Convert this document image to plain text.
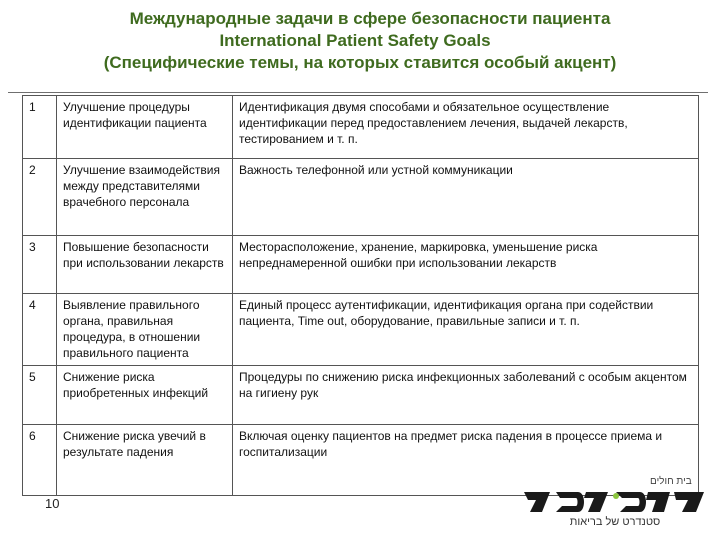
Международные задачи в сфере безопасности пациента
International Patient Safety Goals
(Специфические темы, на которых ставится особый акцент)
1	Улучшение процедуры идентификации пациента	Идентификация двумя способами и обязательное осуществление идентификации перед предоставлением лечения, выдачей лекарств, тестированием и т. п.
2	Улучшение взаимодействия между представителями врачебного персонала	Важность телефонной или устной коммуникации
3	Повышение безопасности при использовании лекарств	Месторасположение, хранение, маркировка, уменьшение риска непреднамеренной ошибки при использовании лекарств
4	Выявление правильного органа, правильная процедура, в отношении правильного пациента	Единый процесс аутентификации, идентификация органа при содействии пациента, Time out, оборудование, правильные записи и т. п.
5	Снижение риска приобретенных инфекций	Процедуры по снижению риска инфекционных заболеваний с особым акцентом на гигиену рук
6	Снижение риска увечий в результате падения	Включая оценку пациентов на предмет риска падения в процессе приема и госпитализации
10
בית חולים
סטנדרט של בריאות
